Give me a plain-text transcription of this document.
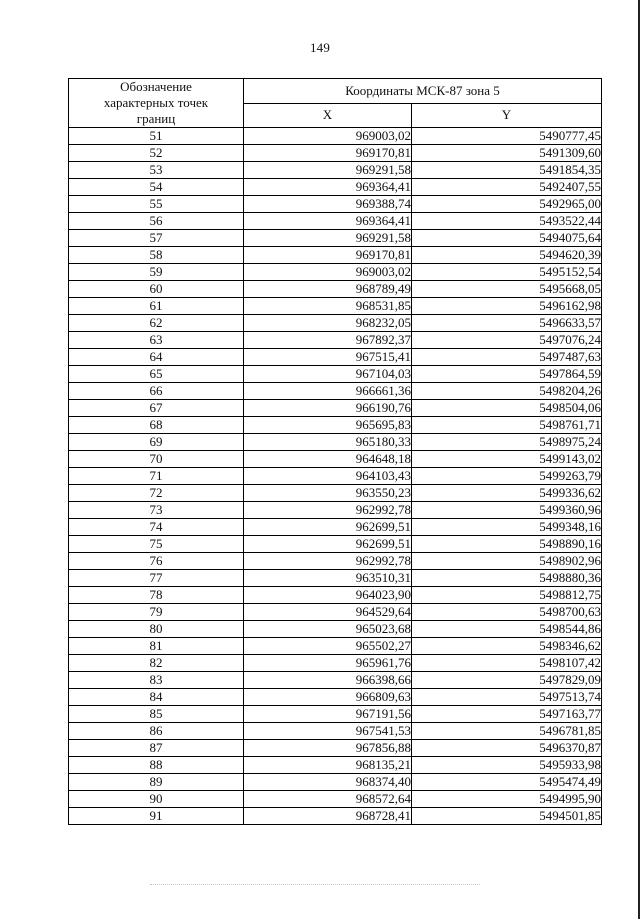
149
Обозначение
характерных точек
границ	Координаты МСК-87 зона 5	
	X	Y
51	969003,02	5490777,45
52	969170,81	5491309,60
53	969291,58	5491854,35
54	969364,41	5492407,55
55	969388,74	5492965,00
56	969364,41	5493522,44
57	969291,58	5494075,64
58	969170,81	5494620,39
59	969003,02	5495152,54
60	968789,49	5495668,05
61	968531,85	5496162,98
62	968232,05	5496633,57
63	967892,37	5497076,24
64	967515,41	5497487,63
65	967104,03	5497864,59
66	966661,36	5498204,26
67	966190,76	5498504,06
68	965695,83	5498761,71
69	965180,33	5498975,24
70	964648,18	5499143,02
71	964103,43	5499263,79
72	963550,23	5499336,62
73	962992,78	5499360,96
74	962699,51	5499348,16
75	962699,51	5498890,16
76	962992,78	5498902,96
77	963510,31	5498880,36
78	964023,90	5498812,75
79	964529,64	5498700,63
80	965023,68	5498544,86
81	965502,27	5498346,62
82	965961,76	5498107,42
83	966398,66	5497829,09
84	966809,63	5497513,74
85	967191,56	5497163,77
86	967541,53	5496781,85
87	967856,88	5496370,87
88	968135,21	5495933,98
89	968374,40	5495474,49
90	968572,64	5494995,90
91	968728,41	5494501,85
